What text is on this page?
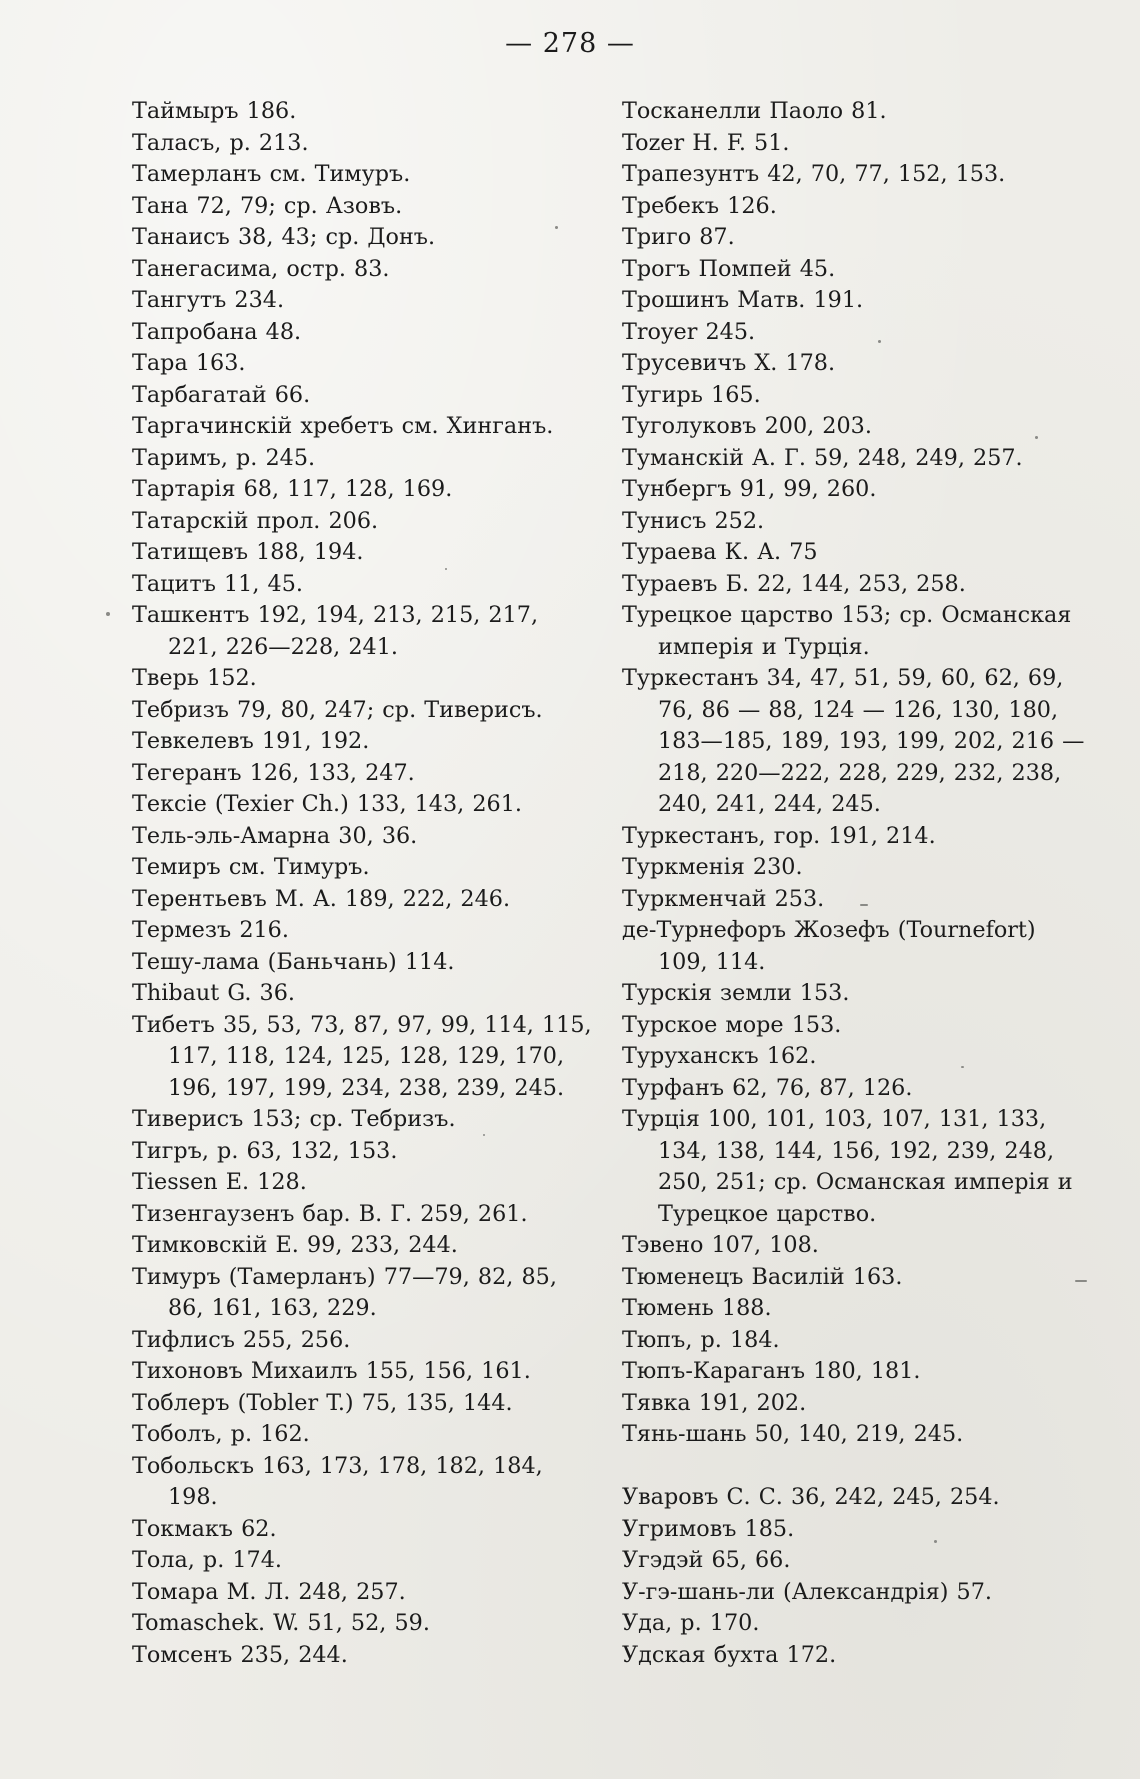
— 278 —
Таймыръ 186.
Таласъ, р. 213.
Тамерланъ см. Тимуръ.
Тана 72, 79; ср. Азовъ.
Танаисъ 38, 43; ср. Донъ.
Танегасима, остр. 83.
Тангутъ 234.
Тапробана 48.
Тара 163.
Тарбагатай 66.
Таргачинскій хребетъ см. Хинганъ.
Таримъ, р. 245.
Тартарія 68, 117, 128, 169.
Татарскій прол. 206.
Татищевъ 188, 194.
Тацитъ 11, 45.
Ташкентъ 192, 194, 213, 215, 217, 221, 226—228, 241.
Тверь 152.
Тебризъ 79, 80, 247; ср. Тиверисъ.
Тевкелевъ 191, 192.
Тегеранъ 126, 133, 247.
Тексіе (Texier Ch.) 133, 143, 261.
Тель-эль-Амарна 30, 36.
Темиръ см. Тимуръ.
Терентьевъ М. А. 189, 222, 246.
Термезъ 216.
Тешу-лама (Баньчань) 114.
Thibaut G. 36.
Тибетъ 35, 53, 73, 87, 97, 99, 114, 115, 117, 118, 124, 125, 128, 129, 170, 196, 197, 199, 234, 238, 239, 245.
Тиверисъ 153; ср. Тебризъ.
Тигръ, р. 63, 132, 153.
Tiessen E. 128.
Тизенгаузенъ бар. В. Г. 259, 261.
Тимковскій Е. 99, 233, 244.
Тимуръ (Тамерланъ) 77—79, 82, 85, 86, 161, 163, 229.
Тифлисъ 255, 256.
Тихоновъ Михаилъ 155, 156, 161.
Тоблеръ (Tobler T.) 75, 135, 144.
Тоболъ, р. 162.
Тобольскъ 163, 173, 178, 182, 184, 198.
Токмакъ 62.
Тола, р. 174.
Томара М. Л. 248, 257.
Tomaschek. W. 51, 52, 59.
Томсенъ 235, 244.
Тосканелли Паоло 81.
Tozer H. F. 51.
Трапезунтъ 42, 70, 77, 152, 153.
Требекъ 126.
Триго 87.
Трогъ Помпей 45.
Трошинъ Матв. 191.
Troyer 245.
Трусевичъ Х. 178.
Тугирь 165.
Туголуковъ 200, 203.
Туманскій А. Г. 59, 248, 249, 257.
Тунбергъ 91, 99, 260.
Тунисъ 252.
Тураева К. А. 75
Тураевъ Б. 22, 144, 253, 258.
Турецкое царство 153; ср. Османская имперія и Турція.
Туркестанъ 34, 47, 51, 59, 60, 62, 69, 76, 86 — 88, 124 — 126, 130, 180, 183—185, 189, 193, 199, 202, 216 — 218, 220—222, 228, 229, 232, 238, 240, 241, 244, 245.
Туркестанъ, гор. 191, 214.
Туркменія 230.
Туркменчай 253.
де-Турнефоръ Жозефъ (Tournefort) 109, 114.
Турскія земли 153.
Турское море 153.
Туруханскъ 162.
Турфанъ 62, 76, 87, 126.
Турція 100, 101, 103, 107, 131, 133, 134, 138, 144, 156, 192, 239, 248, 250, 251; ср. Османская имперія и Турецкое царство.
Тэвено 107, 108.
Тюменецъ Василій 163.
Тюмень 188.
Тюпъ, р. 184.
Тюпъ-Караганъ 180, 181.
Тявка 191, 202.
Тянь-шань 50, 140, 219, 245.
Уваровъ С. С. 36, 242, 245, 254.
Угримовъ 185.
Угэдэй 65, 66.
У-гэ-шань-ли (Александрія) 57.
Уда, р. 170.
Удская бухта 172.
